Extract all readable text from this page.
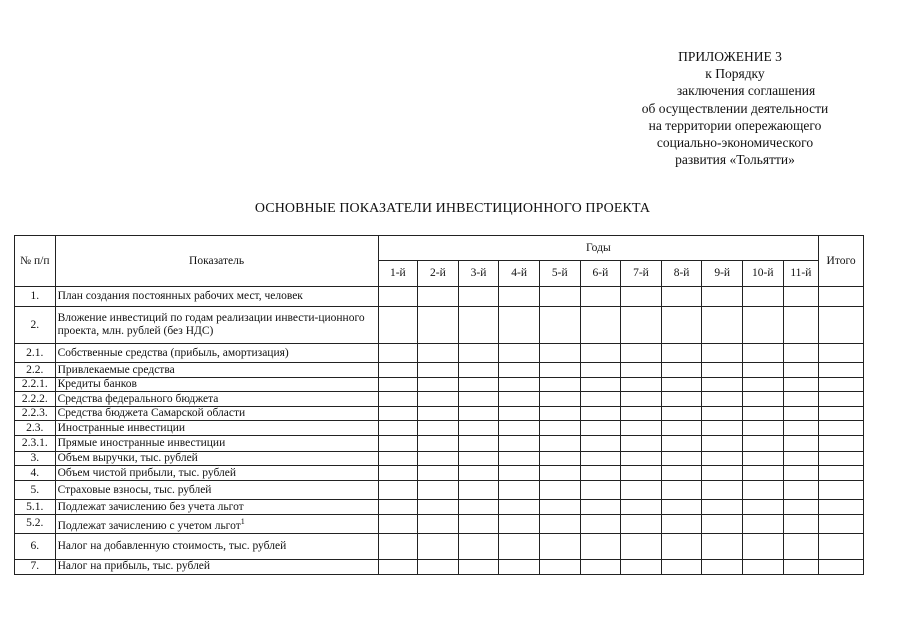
ПРИЛОЖЕНИЕ 3
к Порядку
заключения соглашения
об осуществлении деятельности
на территории опережающего
социально-экономического
развития «Тольятти»
ОСНОВНЫЕ ПОКАЗАТЕЛИ ИНВЕСТИЦИОННОГО ПРОЕКТА
№ п/п	Показатель	Годы											Итого
		1-й	2-й	3-й	4-й	5-й	6-й	7-й	8-й	9-й	10-й	11-й	
1.	План создания постоянных рабочих мест, человек												
2.	Вложение инвестиций по годам реализации инвести-ционного проекта, млн. рублей (без НДС)												
2.1.	Собственные средства (прибыль, амортизация)												
2.2.	Привлекаемые средства												
2.2.1.	Кредиты банков												
2.2.2.	Средства федерального бюджета												
2.2.3.	Средства бюджета Самарской области												
2.3.	Иностранные инвестиции												
2.3.1.	Прямые иностранные инвестиции												
3.	Объем выручки, тыс. рублей												
4.	Объем чистой прибыли, тыс. рублей												
5.	Страховые взносы, тыс. рублей												
5.1.	Подлежат зачислению без учета льгот												
5.2.	Подлежат зачислению с учетом льгот$^1$												
6.	Налог на добавленную стоимость, тыс. рублей												
7.	Налог на прибыль, тыс. рублей												
